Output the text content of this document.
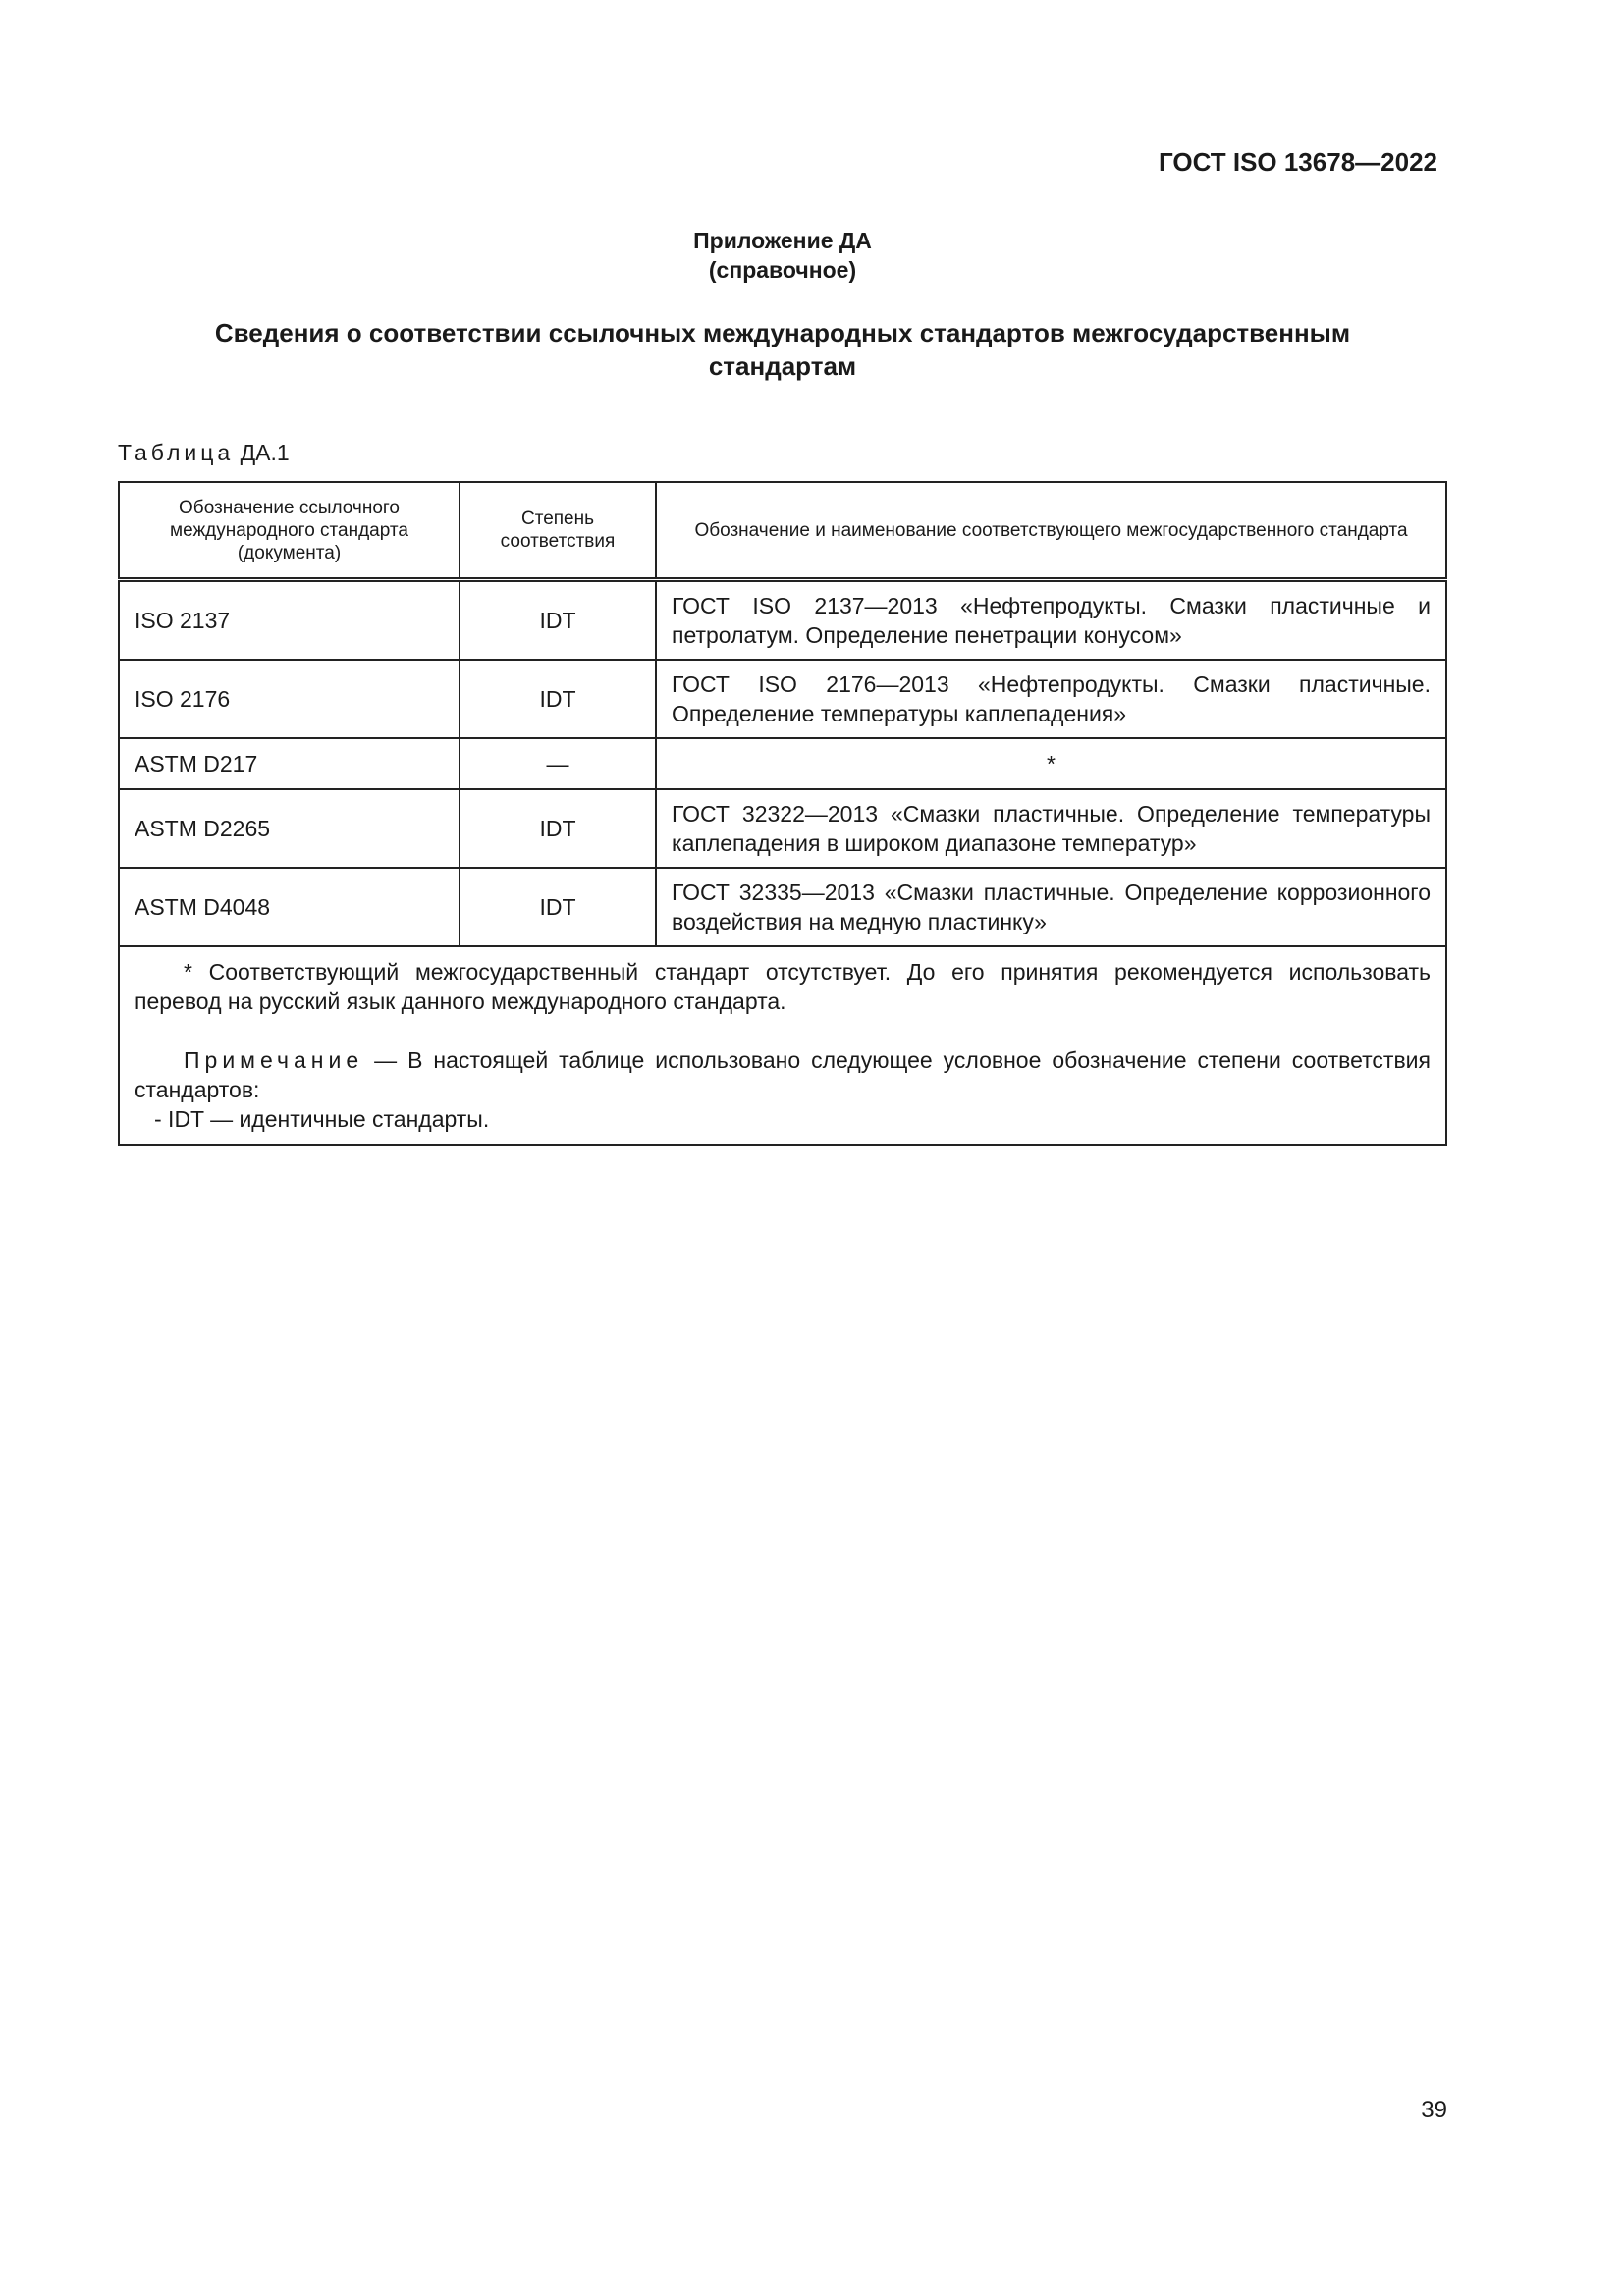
ГОСТ ISO 13678—2022
Приложение ДА
(справочное)
Сведения о соответствии ссылочных международных стандартов межгосударственным стандартам
Таблица ДА.1
Обозначение ссылочного международного стандарта (документа)	Степень соответствия	Обозначение и наименование соответствующего межгосударственного стандарта
ISO 2137	IDT	ГОСТ ISO 2137—2013 «Нефтепродукты. Смазки пластичные и петролатум. Определение пенетрации конусом»
ISO 2176	IDT	ГОСТ ISO 2176—2013 «Нефтепродукты. Смазки пластичные. Определение температуры каплепадения»
ASTM D217	—	*
ASTM D2265	IDT	ГОСТ 32322—2013 «Смазки пластичные. Определение температуры каплепадения в широком диапазоне температур»
ASTM D4048	IDT	ГОСТ 32335—2013 «Смазки пластичные. Определение коррозионного воздействия на медную пластинку»

* Соответствующий межгосударственный стандарт отсутствует. До его принятия рекомендуется использовать перевод на русский язык данного международного стандарта.

Примечание — В настоящей таблице использовано следующее условное обозначение степени соответствия стандартов:

- IDT — идентичные стандарты.		

39
